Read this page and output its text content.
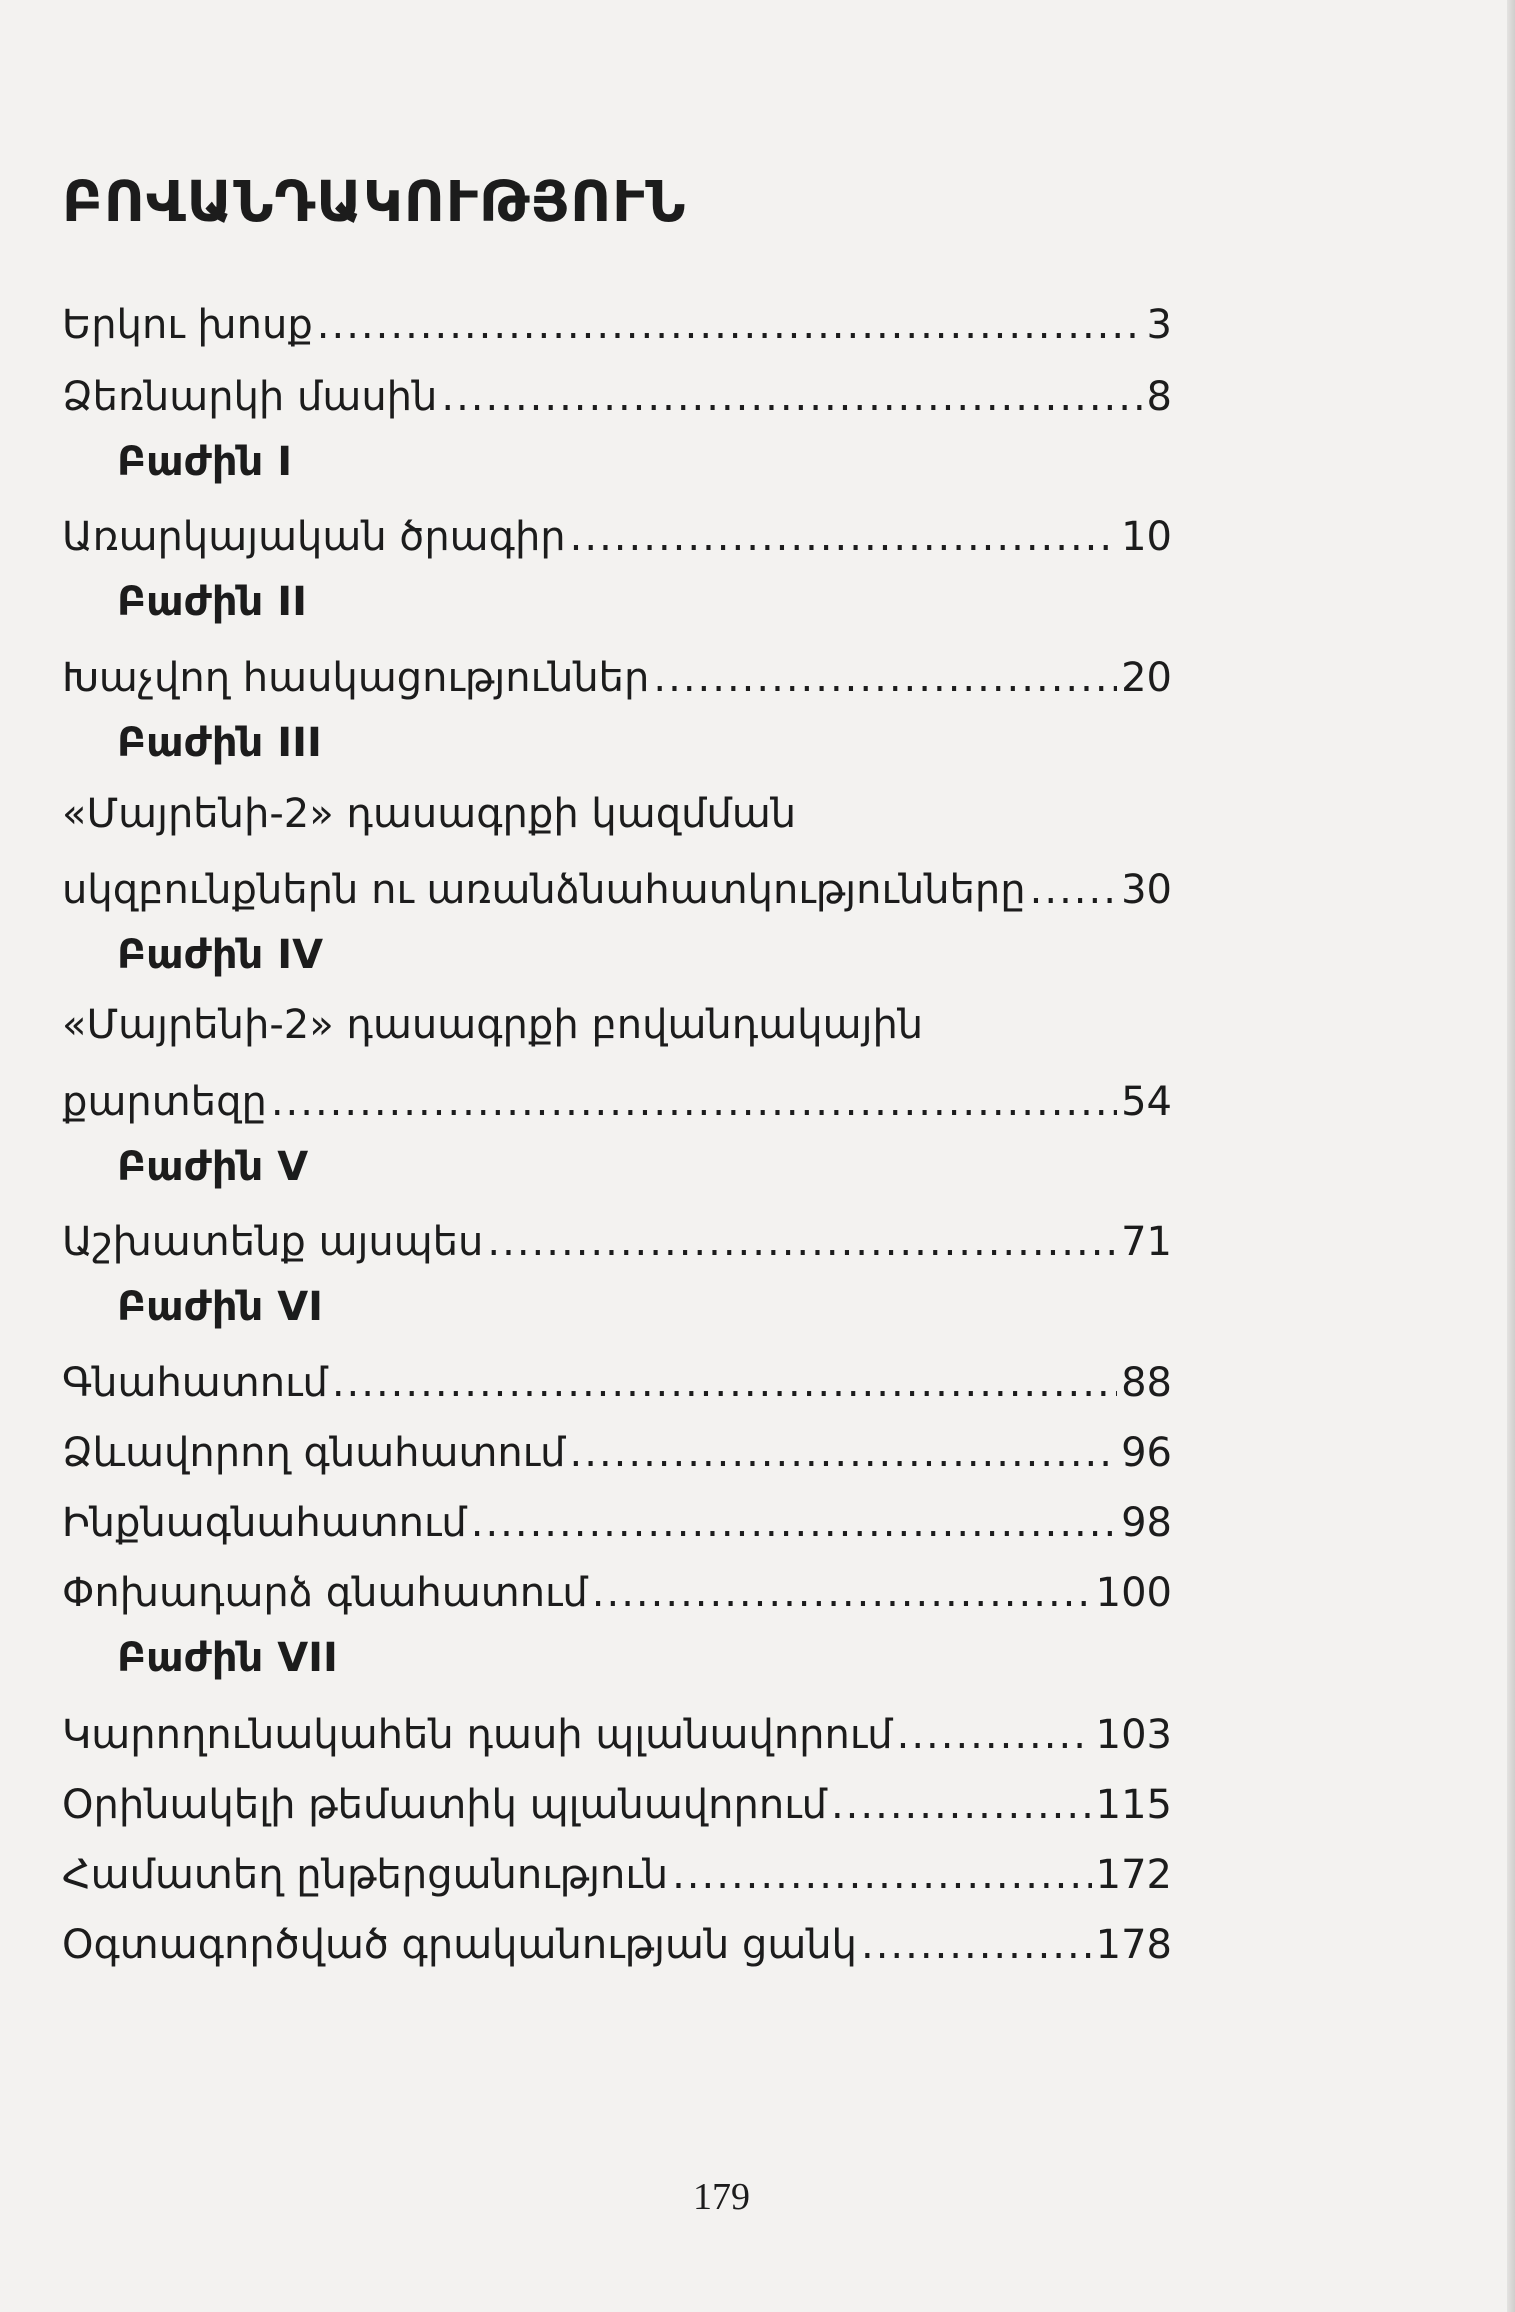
ԲՈՎԱՆԴԱԿՈՒԹՅՈՒՆ
Երկու խոսք .....	3
Ձեռնարկի մասին .....	8
Բաժին I
Առարկայական ծրագիր .....	10
Բաժին II
Խաչվող հասկացություններ .....	20
Բաժին III
«Մայրենի-2» դասագրքի կազմման
սկզբունքներն ու առանձնահատկությունները ..... 30
Բաժին IV
«Մայրենի-2» դասագրքի բովանդակային
քարտեզը .....	54
Բաժին V
Աշխատենք այսպես .....	71
Բաժին VI
Գնահատում .....	88
Ձևավորող գնահատում .....	96
Ինքնագնահատում .....	98
Փոխադարձ գնահատում .....	100
Բաժին VII
Կարողունակահեն դասի պլանավորում .....	103
Օրինակելի թեմատիկ պլանավորում .....	115
Համատեղ ընթերցանություն .....	172
Օգտագործված գրականության ցանկ .....	178
179
